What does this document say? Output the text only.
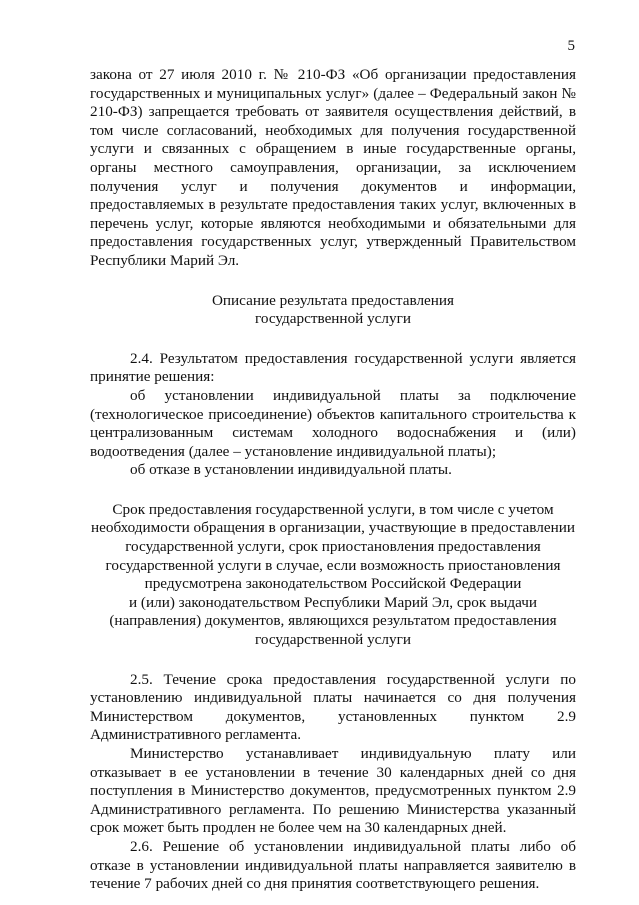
5

закона от 27 июля 2010 г. № 210-ФЗ «Об организации предоставления государственных и муниципальных услуг» (далее – Федеральный закон № 210-ФЗ) запрещается требовать от заявителя осуществления действий, в том числе согласований, необходимых для получения государственной услуги и связанных с обращением в иные государственные органы, органы местного самоуправления, организации, за исключением получения услуг и получения документов и информации, предоставляемых в результате предоставления таких услуг, включенных в перечень услуг, которые являются необходимыми и обязательными для предоставления государственных услуг, утвержденный Правительством Республики Марий Эл.

Описание результата предоставления
государственной услуги

2.4. Результатом предоставления государственной услуги является принятие решения:

об установлении индивидуальной платы за подключение (технологическое присоединение) объектов капитального строительства к централизованным системам холодного водоснабжения и (или) водоотведения (далее – установление индивидуальной платы);

об отказе в установлении индивидуальной платы.

Срок предоставления государственной услуги, в том числе с учетом
необходимости обращения в организации, участвующие в предоставлении
государственной услуги, срок приостановления предоставления
государственной услуги в случае, если возможность приостановления
предусмотрена законодательством Российской Федерации
и (или) законодательством Республики Марий Эл, срок выдачи
(направления) документов, являющихся результатом предоставления
государственной услуги

2.5. Течение срока предоставления государственной услуги по установлению индивидуальной платы начинается со дня получения Министерством документов, установленных пунктом 2.9 Административного регламента.

Министерство устанавливает индивидуальную плату или отказывает в ее установлении в течение 30 календарных дней со дня поступления в Министерство документов, предусмотренных пунктом 2.9 Административного регламента. По решению Министерства указанный срок может быть продлен не более чем на 30 календарных дней.

2.6. Решение об установлении индивидуальной платы либо об отказе в установлении индивидуальной платы направляется заявителю в течение 7 рабочих дней со дня принятия соответствующего решения.
